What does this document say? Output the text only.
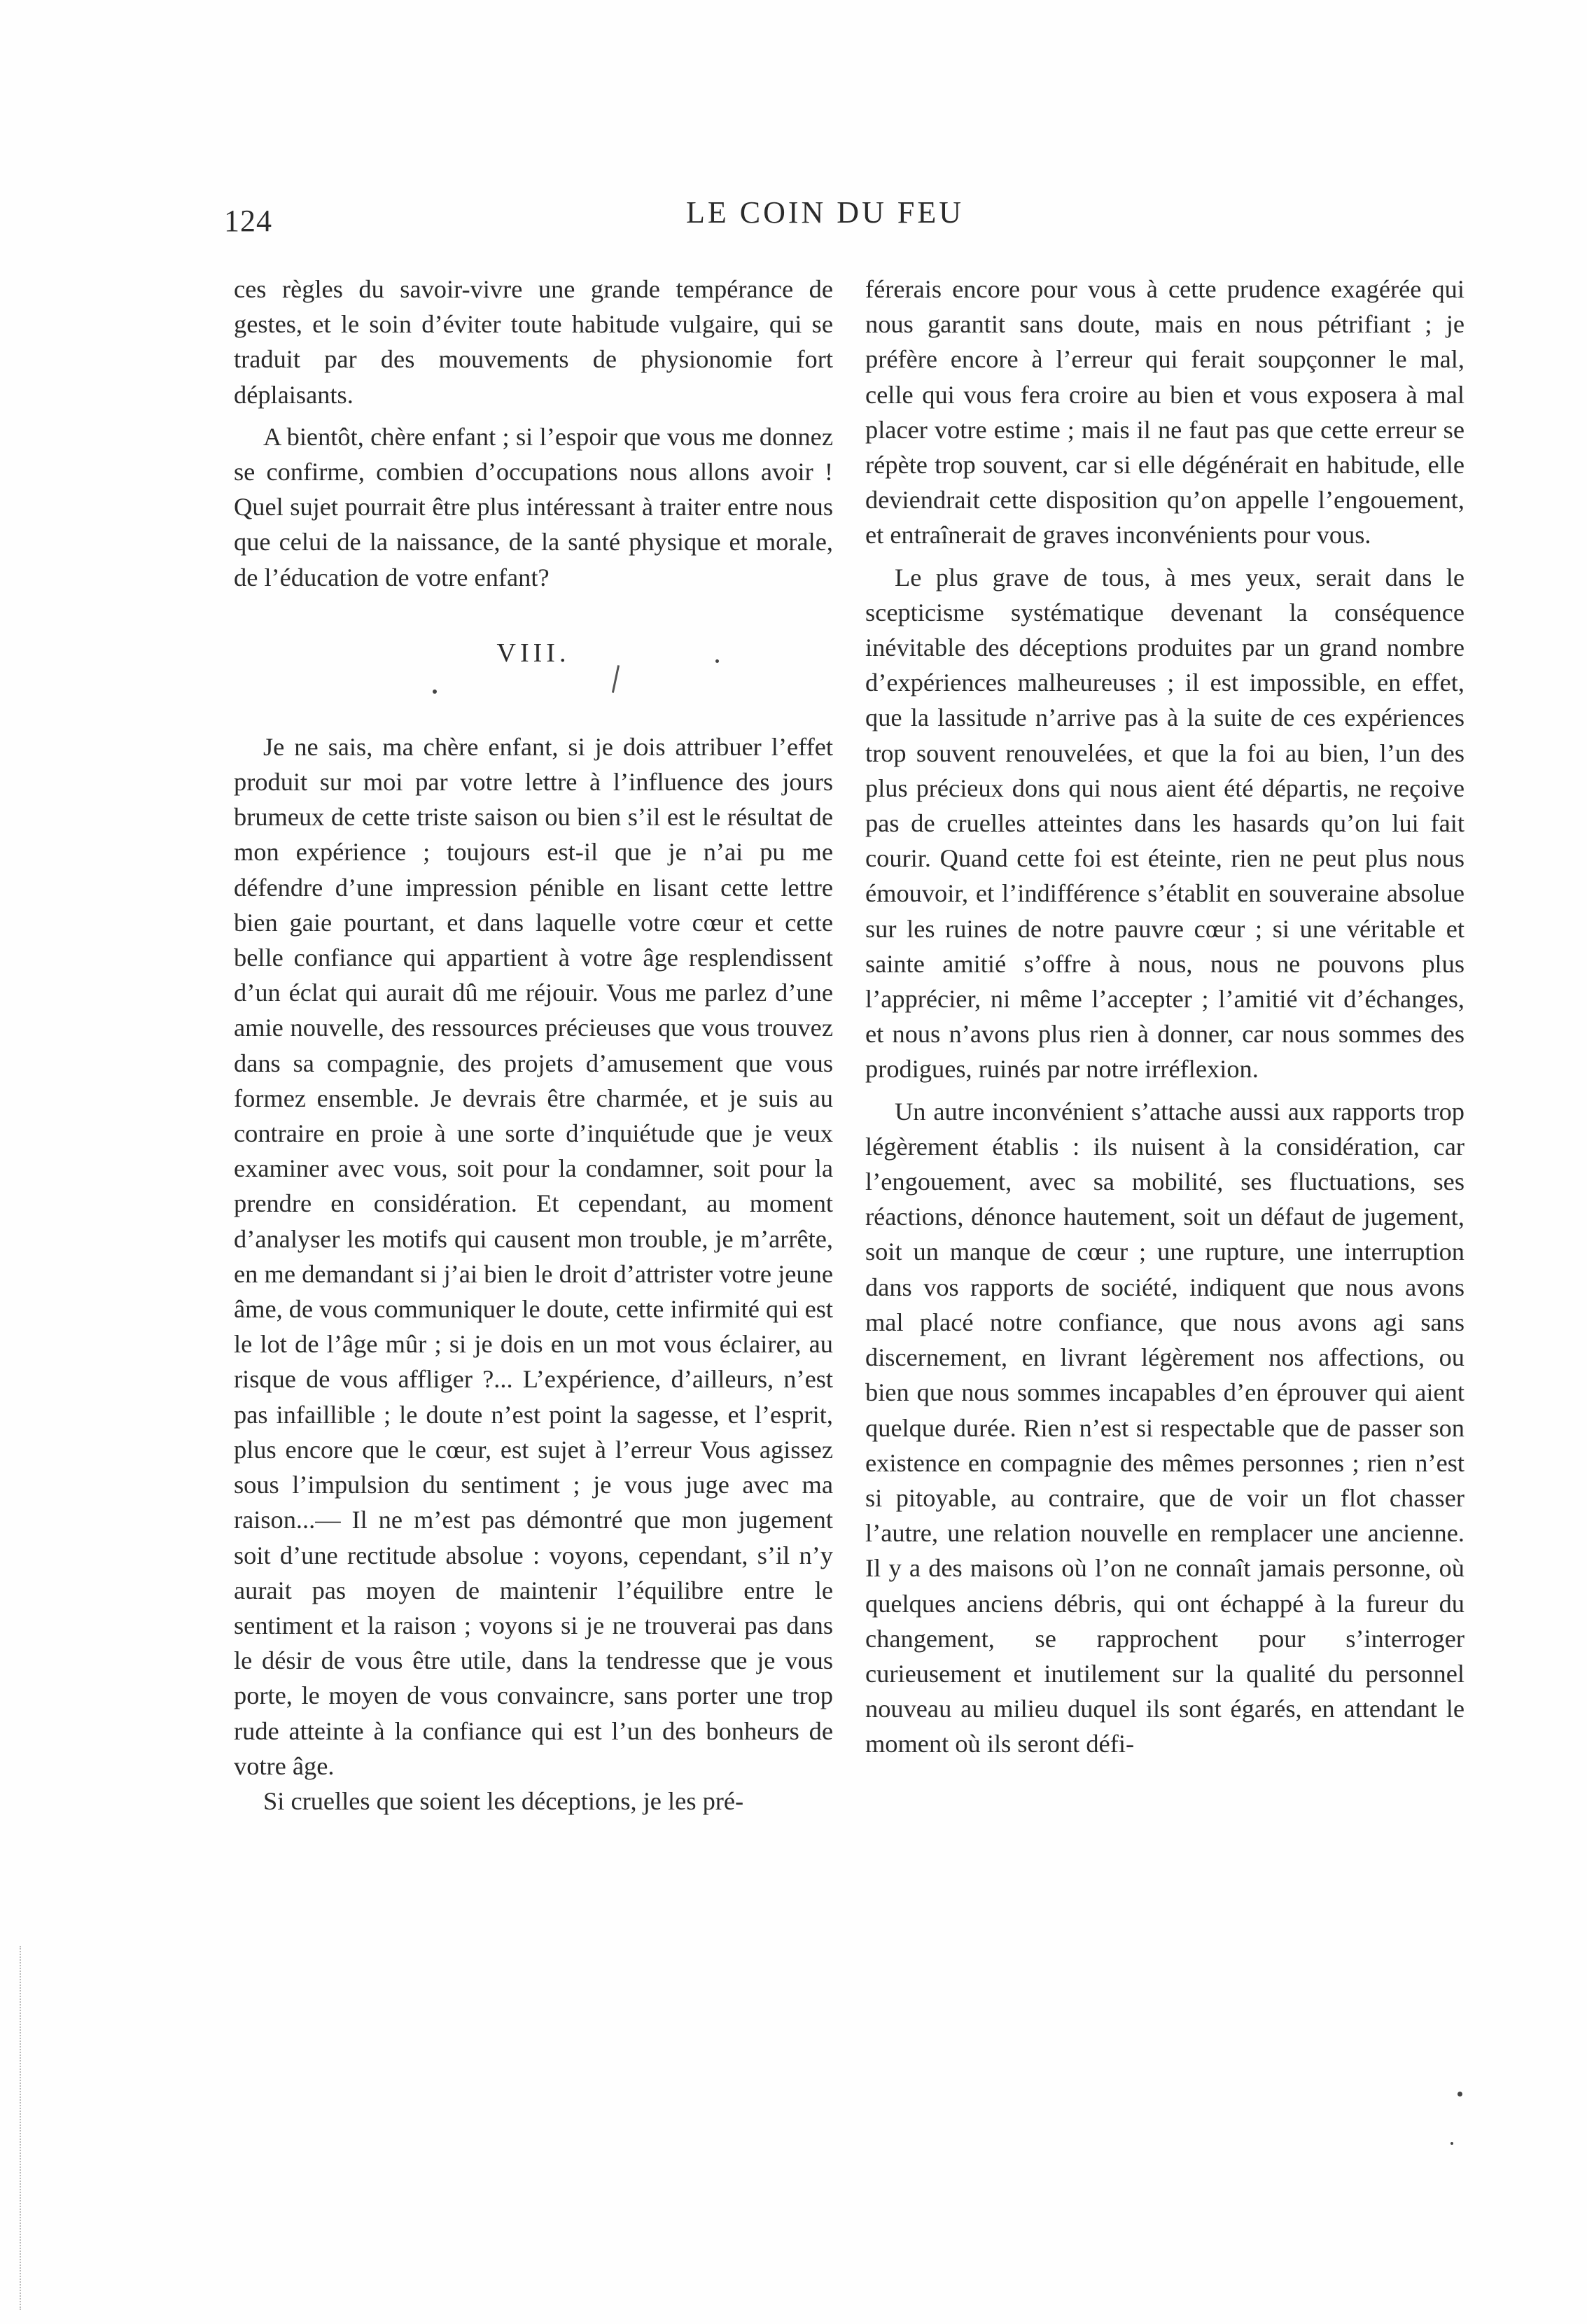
124	LE COIN DU FEU

ces règles du savoir-vivre une grande tempérance de gestes, et le soin d’éviter toute habitude vulgaire, qui se traduit par des mouvements de physionomie fort déplaisants.

A bientôt, chère enfant ; si l’espoir que vous me donnez se confirme, combien d’occupations nous allons avoir ! Quel sujet pourrait être plus intéressant à traiter entre nous que celui de la naissance, de la santé physique et morale, de l’éducation de votre enfant?

VIII.

Je ne sais, ma chère enfant, si je dois attribuer l’effet produit sur moi par votre lettre à l’influence des jours brumeux de cette triste saison ou bien s’il est le résultat de mon expérience ; toujours est-il que je n’ai pu me défendre d’une impression pénible en lisant cette lettre bien gaie pourtant, et dans laquelle votre cœur et cette belle confiance qui appartient à votre âge resplendissent d’un éclat qui aurait dû me réjouir. Vous me parlez d’une amie nouvelle, des ressources précieuses que vous trouvez dans sa compagnie, des projets d’amusement que vous formez ensemble. Je devrais être charmée, et je suis au contraire en proie à une sorte d’inquiétude que je veux examiner avec vous, soit pour la condamner, soit pour la prendre en considération. Et cependant, au moment d’analyser les motifs qui causent mon trouble, je m’arrête, en me demandant si j’ai bien le droit d’attrister votre jeune âme, de vous communiquer le doute, cette infirmité qui est le lot de l’âge mûr ; si je dois en un mot vous éclairer, au risque de vous affliger ?... L’expérience, d’ailleurs, n’est pas infaillible ; le doute n’est point la sagesse, et l’esprit, plus encore que le cœur, est sujet à l’erreur Vous agissez sous l’impulsion du sentiment ; je vous juge avec ma raison...— Il ne m’est pas démontré que mon jugement soit d’une rectitude absolue : voyons, cependant, s’il n’y aurait pas moyen de maintenir l’équilibre entre le sentiment et la raison ; voyons si je ne trouverai pas dans le désir de vous être utile, dans la tendresse que je vous porte, le moyen de vous convaincre, sans porter une trop rude atteinte à la confiance qui est l’un des bonheurs de votre âge.

Si cruelles que soient les déceptions, je les pré-

férerais encore pour vous à cette prudence exagérée qui nous garantit sans doute, mais en nous pétrifiant ; je préfère encore à l’erreur qui ferait soupçonner le mal, celle qui vous fera croire au bien et vous exposera à mal placer votre estime ; mais il ne faut pas que cette erreur se répète trop souvent, car si elle dégénérait en habitude, elle deviendrait cette disposition qu’on appelle l’engouement, et entraînerait de graves inconvénients pour vous.

Le plus grave de tous, à mes yeux, serait dans le scepticisme systématique devenant la conséquence inévitable des déceptions produites par un grand nombre d’expériences malheureuses ; il est impossible, en effet, que la lassitude n’arrive pas à la suite de ces expériences trop souvent renouvelées, et que la foi au bien, l’un des plus précieux dons qui nous aient été départis, ne reçoive pas de cruelles atteintes dans les hasards qu’on lui fait courir. Quand cette foi est éteinte, rien ne peut plus nous émouvoir, et l’indifférence s’établit en souveraine absolue sur les ruines de notre pauvre cœur ; si une véritable et sainte amitié s’offre à nous, nous ne pouvons plus l’apprécier, ni même l’accepter ; l’amitié vit d’échanges, et nous n’avons plus rien à donner, car nous sommes des prodigues, ruinés par notre irréflexion.

Un autre inconvénient s’attache aussi aux rapports trop légèrement établis : ils nuisent à la considération, car l’engouement, avec sa mobilité, ses fluctuations, ses réactions, dénonce hautement, soit un défaut de jugement, soit un manque de cœur ; une rupture, une interruption dans vos rapports de société, indiquent que nous avons mal placé notre confiance, que nous avons agi sans discernement, en livrant légèrement nos affections, ou bien que nous sommes incapables d’en éprouver qui aient quelque durée. Rien n’est si respectable que de passer son existence en compagnie des mêmes personnes ; rien n’est si pitoyable, au contraire, que de voir un flot chasser l’autre, une relation nouvelle en remplacer une ancienne. Il y a des maisons où l’on ne connaît jamais personne, où quelques anciens débris, qui ont échappé à la fureur du changement, se rapprochent pour s’interroger curieusement et inutilement sur la qualité du personnel nouveau au milieu duquel ils sont égarés, en attendant le moment où ils seront défi-
